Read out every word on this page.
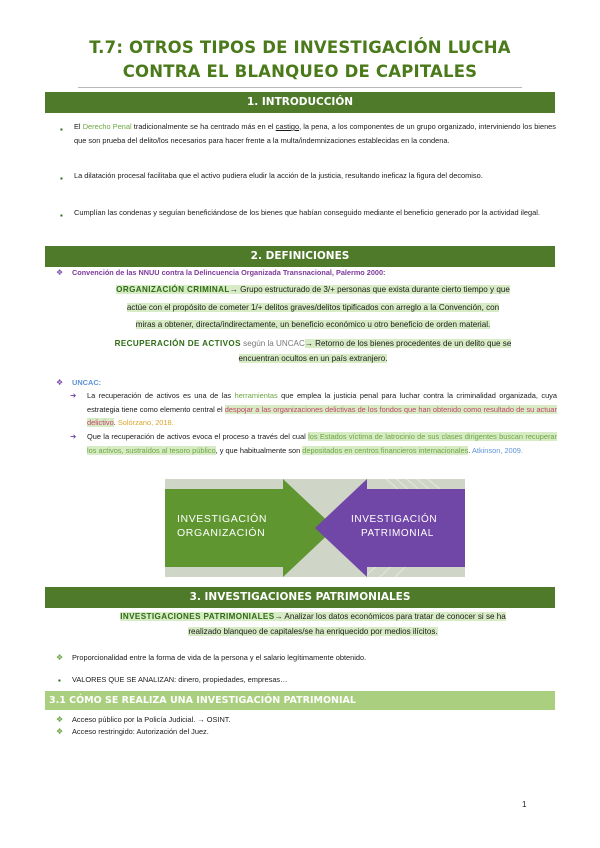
T.7: OTROS TIPOS DE INVESTIGACIÓN LUCHA
CONTRA EL BLANQUEO DE CAPITALES
1. INTRODUCCIÓN
▪ El Derecho Penal tradicionalmente se ha centrado más en el castigo, la pena, a los componentes de un grupo organizado, interviniendo los bienes que son prueba del delito/los necesarios para hacer frente a la multa/indemnizaciones establecidas en la condena.
▪ La dilatación procesal facilitaba que el activo pudiera eludir la acción de la justicia, resultando ineficaz la figura del decomiso.
▪ Cumplían las condenas y seguían beneficiándose de los bienes que habían conseguido mediante el beneficio generado por la actividad ilegal.
2. DEFINICIONES
❖ Convención de las NNUU contra la Delincuencia Organizada Transnacional, Palermo 2000:
ORGANIZACIÓN CRIMINAL→ Grupo estructurado de 3/+ personas que exista durante cierto tiempo y que
actúe con el propósito de cometer 1/+ delitos graves/delitos tipificados con arreglo a la Convención, con
miras a obtener, directa/indirectamente, un beneficio económico u otro beneficio de orden material.
RECUPERACIÓN DE ACTIVOS según la UNCAC→ Retorno de los bienes procedentes de un delito que se
encuentran ocultos en un país extranjero.
❖ UNCAC:
➔ La recuperación de activos es una de las herramientas que emplea la justicia penal para luchar contra la criminalidad organizada, cuya estrategia tiene como elemento central el despojar a las organizaciones delictivas de los fondos que han obtenido como resultado de su actuar delictivo. Solórzano, 2018.
➔ Que la recuperación de activos evoca el proceso a través del cual los Estados víctima de latrocinio de sus clases dirigentes buscan recuperar los activos, sustraídos al tesoro público, y que habitualmente son depositados en centros financieros internacionales. Atkinson, 2009.
INVESTIGACIÓN
ORGANIZACIÓN
INVESTIGACIÓN
PATRIMONIAL
3. INVESTIGACIONES PATRIMONIALES
INVESTIGACIONES PATRIMONIALES→ Analizar los datos económicos para tratar de conocer si se ha
realizado blanqueo de capitales/se ha enriquecido por medios ilícitos.
❖ Proporcionalidad entre la forma de vida de la persona y el salario legítimamente obtenido.
▪ VALORES QUE SE ANALIZAN: dinero, propiedades, empresas…
3.1 CÓMO SE REALIZA UNA INVESTIGACIÓN PATRIMONIAL
❖ Acceso público por la Policía Judicial. → OSINT.
❖ Acceso restringido: Autorización del Juez.
1
